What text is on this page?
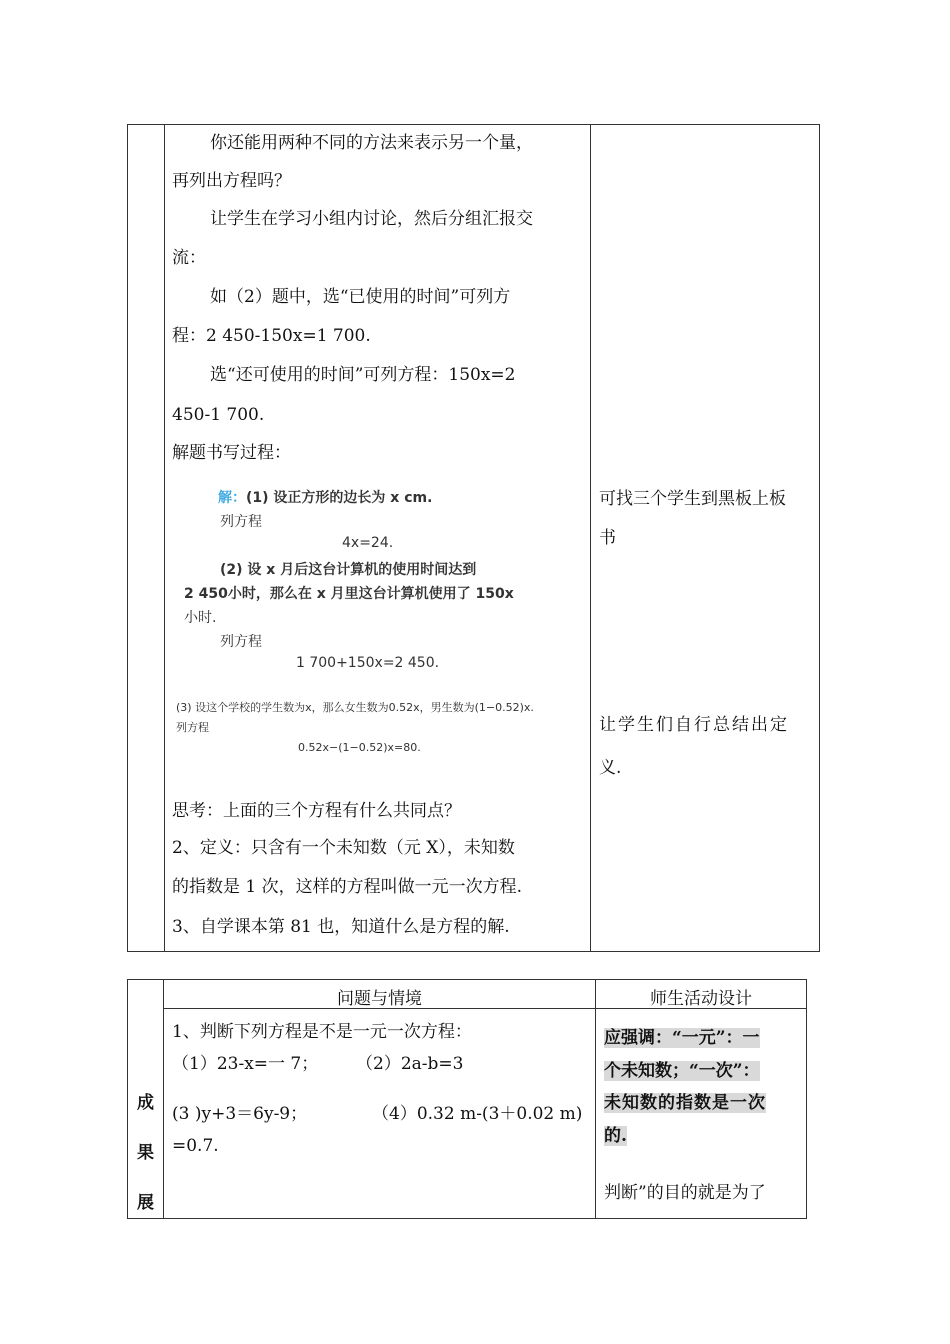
你还能用两种不同的方法来表示另一个量，
再列出方程吗？
让学生在学习小组内讨论，然后分组汇报交
流：
如（2）题中，选“已使用的时间”可列方
程：2 450-150x=1 700.
选“还可使用的时间”可列方程：150x=2
450-1 700.
解题书写过程：
解：(1) 设正方形的边长为 x cm.
列方程
4x=24.
(2) 设 x 月后这台计算机的使用时间达到
2 450小时，那么在 x 月里这台计算机使用了 150x
小时.
列方程
1 700+150x=2 450.
(3) 设这个学校的学生数为x，那么女生数为0.52x，男生数为(1−0.52)x.
列方程
0.52x−(1−0.52)x=80.
思考：上面的三个方程有什么共同点？
2、定义：只含有一个未知数（元 X），未知数
的指数是 1 次，这样的方程叫做一元一次方程.
3、自学课本第 81 也，知道什么是方程的解.
可找三个学生到黑板上板
书
让学生们自行总结出定
义.
问题与情境	师生活动设计
成
果
展
1、判断下列方程是不是一元一次方程：
（1）23-x=一 7； （2）2a-b=3
(3 )y+3＝6y-9；	（4）0.32 m-(3＋0.02 m)
=0.7.
应强调：“一元”：一
个未知数；“一次”：
未知数的指数是一次
的.
判断”的目的就是为了
